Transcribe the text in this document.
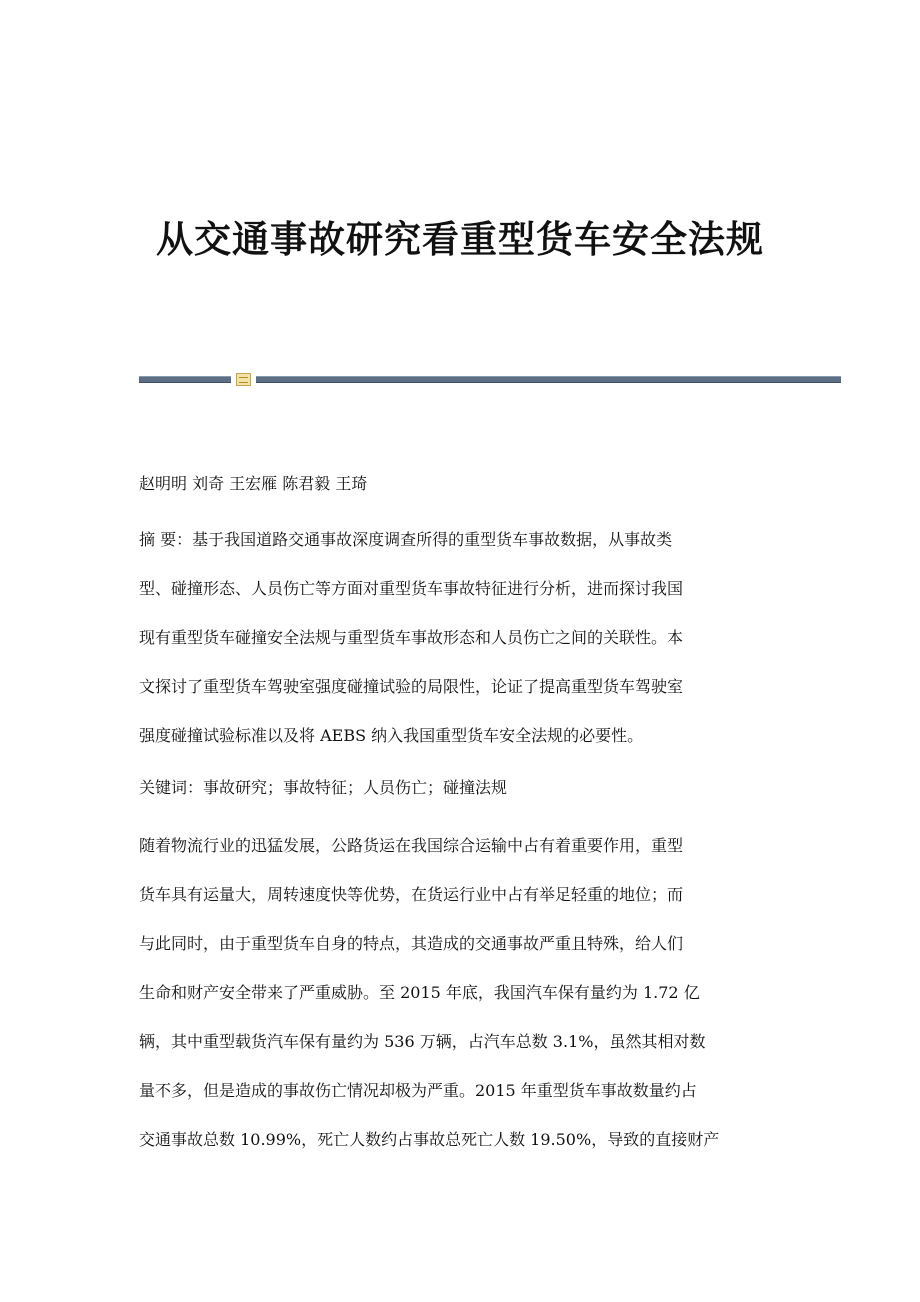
从交通事故研究看重型货车安全法规

赵明明 刘奇 王宏雁 陈君毅 王琦

摘 要：基于我国道路交通事故深度调查所得的重型货车事故数据，从事故类
型、碰撞形态、人员伤亡等方面对重型货车事故特征进行分析，进而探讨我国
现有重型货车碰撞安全法规与重型货车事故形态和人员伤亡之间的关联性。本
文探讨了重型货车驾驶室强度碰撞试验的局限性，论证了提高重型货车驾驶室
强度碰撞试验标准以及将 AEBS 纳入我国重型货车安全法规的必要性。
关键词：事故研究；事故特征；人员伤亡；碰撞法规
随着物流行业的迅猛发展，公路货运在我国综合运输中占有着重要作用，重型
货车具有运量大，周转速度快等优势，在货运行业中占有举足轻重的地位；而
与此同时，由于重型货车自身的特点，其造成的交通事故严重且特殊，给人们
生命和财产安全带来了严重威胁。至 2015 年底，我国汽车保有量约为 1.72 亿
辆，其中重型载货汽车保有量约为 536 万辆，占汽车总数 3.1%，虽然其相对数
量不多，但是造成的事故伤亡情况却极为严重。2015 年重型货车事故数量约占
交通事故总数 10.99%，死亡人数约占事故总死亡人数 19.50%，导致的直接财产
